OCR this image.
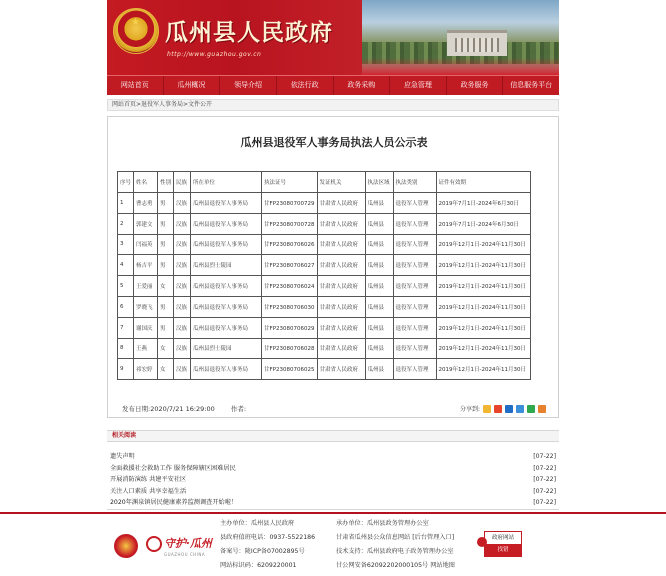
★ 瓜州县人民政府
http://www.guazhou.gov.cn
网站首页	瓜州概况	领导介绍	依法行政	政务采购	应急管理	政务服务	信息服务平台
网站首页>退役军人事务局>文件公开
瓜州县退役军人事务局执法人员公示表
序号	姓名	性别	民族	所在单位	执法证号	发证机关	执法区域	执法类别	证件有效期
1	曹志勇	男	汉族	瓜州县退役军人事务局	甘FP23080700729	甘肃省人民政府	瓜州县	退役军人管理	2019年7月1日-2024年6月30日
2	郭建文	男	汉族	瓜州县退役军人事务局	甘FP23080700728	甘肃省人民政府	瓜州县	退役军人管理	2019年7月1日-2024年6月30日
3	闫福英	男	汉族	瓜州县退役军人事务局	甘FP23080706026	甘肃省人民政府	瓜州县	退役军人管理	2019年12月1日-2024年11月30日
4	杨吉平	男	汉族	瓜州县烈士陵园	甘FP23080706027	甘肃省人民政府	瓜州县	退役军人管理	2019年12月1日-2024年11月30日
5	王爱丽	女	汉族	瓜州县退役军人事务局	甘FP23080706024	甘肃省人民政府	瓜州县	退役军人管理	2019年12月1日-2024年11月30日
6	罗晓飞	男	汉族	瓜州县退役军人事务局	甘FP23080706030	甘肃省人民政府	瓜州县	退役军人管理	2019年12月1日-2024年11月30日
7	谢国庆	男	汉族	瓜州县退役军人事务局	甘FP23080706029	甘肃省人民政府	瓜州县	退役军人管理	2019年12月1日-2024年11月30日
8	王燕	女	汉族	瓜州县烈士陵园	甘FP23080706028	甘肃省人民政府	瓜州县	退役军人管理	2019年12月1日-2024年11月30日
9	祁宏婷	女	汉族	瓜州县退役军人事务局	甘FP23080706025	甘肃省人民政府	瓜州县	退役军人管理	2019年12月1日-2024年11月30日
发布日期:2020/7/21 16:29:00 作者:	分享到:
相关阅读
遗失声明	[07-22]
全面救援社会救助工作 服务保障辖区困难居民	[07-22]
开展消防演练 共建平安社区	[07-22]
关注人口素质 共享幸福生活	[07-22]
2020年渊泉镇居民健康素养监测调查开始啦！	[07-22]
守护·瓜州
GUAZHOU CHINA
主办单位：瓜州县人民政府
县政府值班电话：0937-5522186
备案号：陇ICP备07002895号
网站标识码：6209220001
承办单位：瓜州县政务管理办公室
甘肃省瓜州县公众信息网站 [后台管理入口]
技术支持：瓜州县政府电子政务管理办公室
甘公网安备62092202000105号 网站地图
政府网站
找错
